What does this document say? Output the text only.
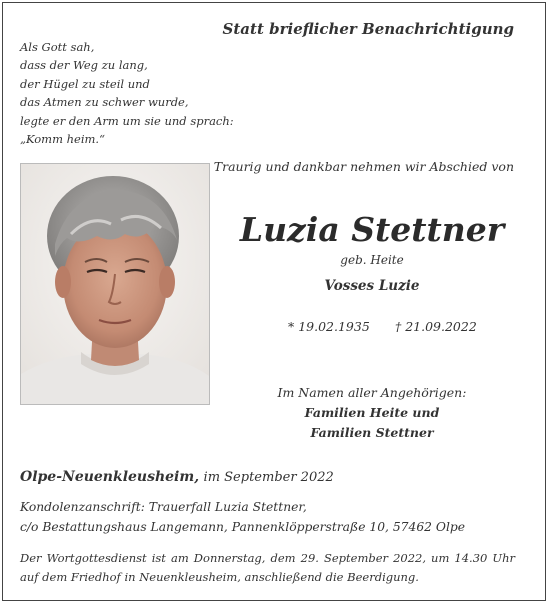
Statt brieflicher Benachrichtigung
Als Gott sah,
dass der Weg zu lang,
der Hügel zu steil und
das Atmen zu schwer wurde,
legte er den Arm um sie und sprach:
„Komm heim.“
Traurig und dankbar nehmen wir Abschied von
Luzia Stettner
geb. Heite
Vosses Luzie
* 19.02.1935 † 21.09.2022
Im Namen aller Angehörigen:
Familien Heite und
Familien Stettner
Olpe-Neuenkleusheim, im September 2022
Kondolenzanschrift: Trauerfall Luzia Stettner,
c/o Bestattungshaus Langemann, Pannenklöpperstraße 10, 57462 Olpe
Der Wortgottesdienst ist am Donnerstag, dem 29. September 2022, um 14.30 Uhr auf dem Friedhof in Neuenkleusheim, anschließend die Beerdigung.
